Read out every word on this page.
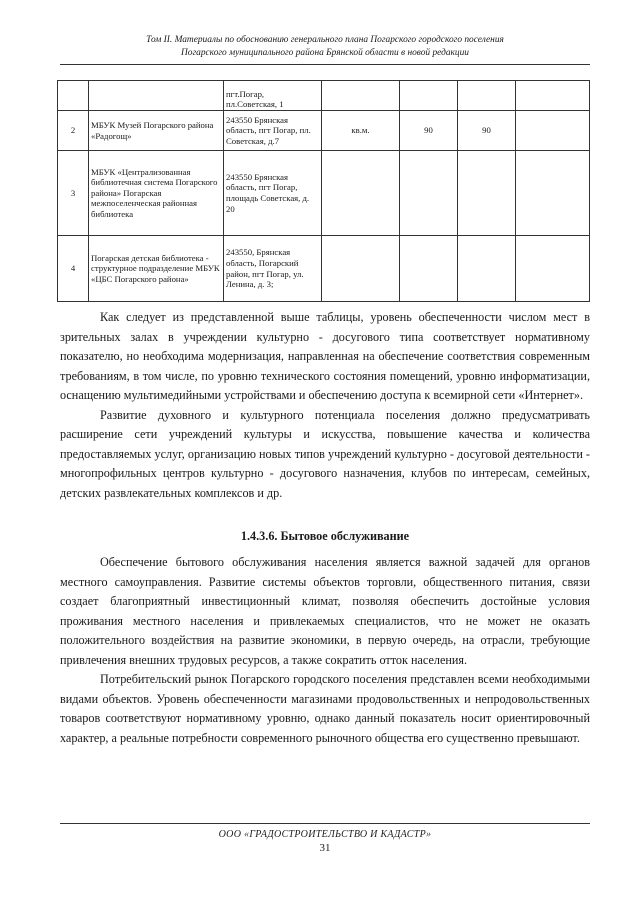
Том II. Материалы по обоснованию генерального плана Погарского городского поселения
Погарского муниципального района Брянской области в новой редакции
		пгт.Погар,
пл.Советская, 1				
2	МБУК Музей Погарского района «Радогощ»	243550 Брянская область, пгт Погар, пл. Советская, д.7	кв.м.	90	90	
3	МБУК «Централизованная библиотечная система Погарского района» Погарская межпоселенческая районная библиотека	243550 Брянская область, пгт Погар, площадь Советская, д. 20				
4	Погарская детская библиотека - структурное подразделение МБУК «ЦБС Погарского района»	243550, Брянская область, Погарский район, пгт Погар, ул. Ленина, д. 3;				

Как следует из представленной выше таблицы, уровень обеспеченности числом мест в зрительных залах в учреждении культурно - досугового типа соответствует нормативному показателю, но необходима модернизация, направленная на обеспечение соответствия современным требованиям, в том числе, по уровню технического состояния помещений, уровню информатизации, оснащению мультимедийными устройствами и обеспечению доступа к всемирной сети «Интернет».

Развитие духовного и культурного потенциала поселения должно предусматривать расширение сети учреждений культуры и искусства, повышение качества и количества предоставляемых услуг, организацию новых типов учреждений культурно - досуговой деятельности - многопрофильных центров культурно - досугового назначения, клубов по интересам, семейных, детских развлекательных комплексов и др.

1.4.3.6. Бытовое обслуживание

Обеспечение бытового обслуживания населения является важной задачей для органов местного самоуправления. Развитие системы объектов торговли, общественного питания, связи создает благоприятный инвестиционный климат, позволяя обеспечить достойные условия проживания местного населения и привлекаемых специалистов, что не может не оказать положительного воздействия на развитие экономики, в первую очередь, на отрасли, требующие привлечения внешних трудовых ресурсов, а также сократить отток населения.

Потребительский рынок Погарского городского поселения представлен всеми необходимыми видами объектов. Уровень обеспеченности магазинами продовольственных и непродовольственных товаров соответствуют нормативному уровню, однако данный показатель носит ориентировочный характер, а реальные потребности современного рыночного общества его существенно превышают.

ООО «ГРАДОСТРОИТЕЛЬСТВО И КАДАСТР»
31
